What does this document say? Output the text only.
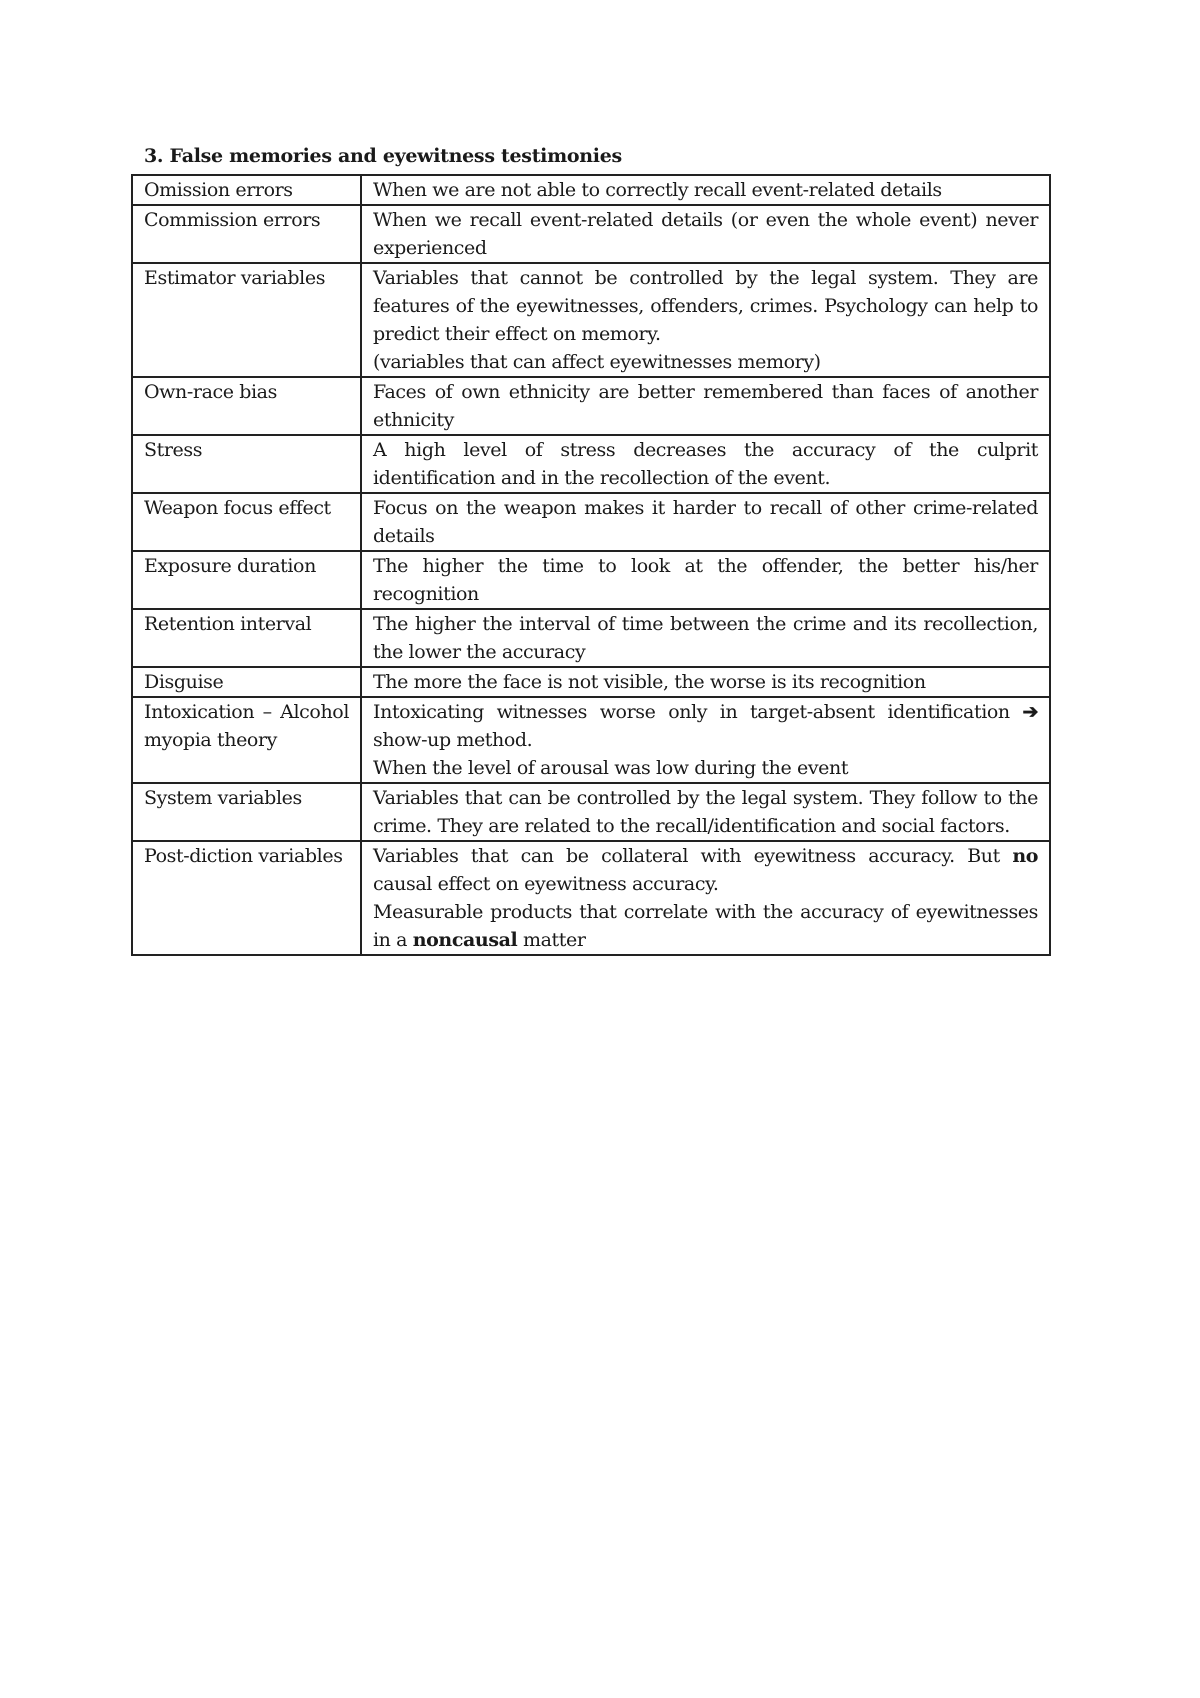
3. False memories and eyewitness testimonies
Omission errors	When we are not able to correctly recall event-related details

Commission errors	When we recall event-related details (or even the whole event) never experienced

Estimator variables	Variables that cannot be controlled by the legal system. They are features of the eyewitnesses, offenders, crimes. Psychology can help to predict their effect on memory.

(variables that can affect eyewitnesses memory)

Own-race bias	Faces of own ethnicity are better remembered than faces of another ethnicity

Stress	A high level of stress decreases the accuracy of the culprit identification and in the recollection of the event.

Weapon focus effect	Focus on the weapon makes it harder to recall of other crime-related details

Exposure duration	The higher the time to look at the offender, the better his/her recognition

Retention interval	The higher the interval of time between the crime and its recollection, the lower the accuracy

Disguise	The more the face is not visible, the worse is its recognition

Intoxication – Alcohol myopia theory	Intoxicating witnesses worse only in target-absent identification ➔ show-up method.

When the level of arousal was low during the event

System variables	Variables that can be controlled by the legal system. They follow to the crime. They are related to the recall/identification and social factors.

Post-diction variables	Variables that can be collateral with eyewitness accuracy. But no causal effect on eyewitness accuracy.

Measurable products that correlate with the accuracy of eyewitnesses in a noncausal matter
